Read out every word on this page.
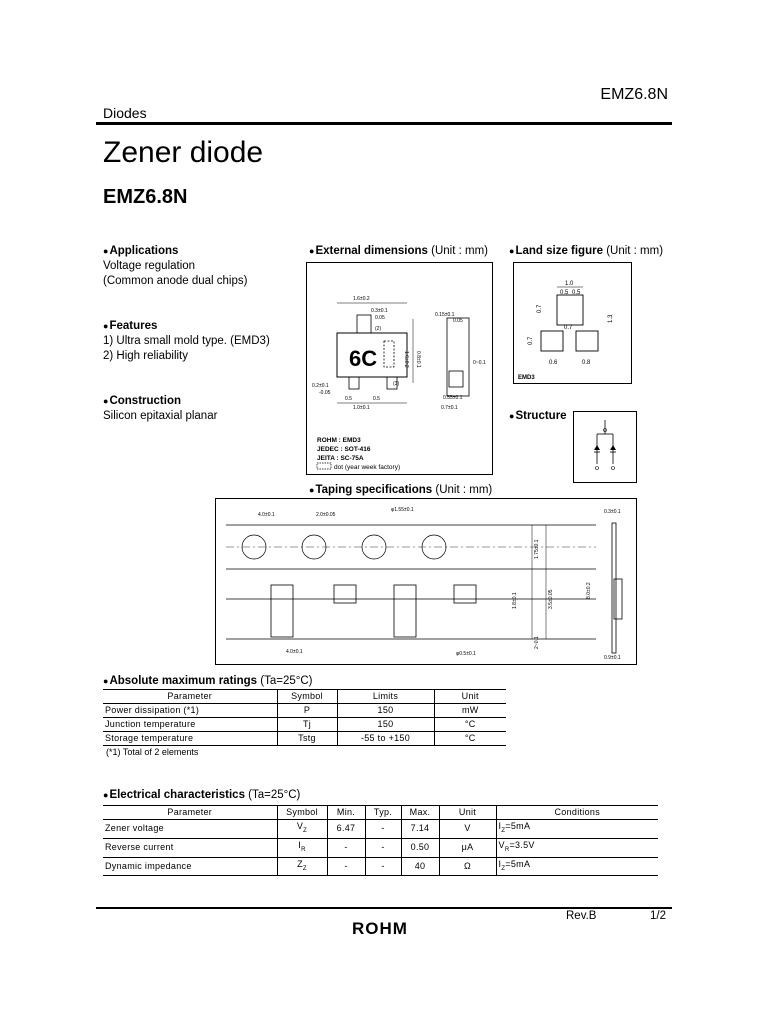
EMZ6.8N
Diodes
Zener diode
EMZ6.8N
●Applications
Voltage regulation
(Common anode dual chips)
●Features
1) Ultra small mold type. (EMD3)
2) High reliability
●Construction
Silicon epitaxial planar
●External dimensions (Unit : mm)
6C
1.6±0.2
0.3±0.1
0.05
(2)
1.6±0.2 0.8±0.1
0.2±0.1
-0.05
0.5	0.5
1.0±0.1
(3)
0.15±0.1
0.05
0~0.1
0.55±0.1
0.7±0.1
ROHM : EMD3
JEDEC : SOT-416
JEITA : SC-75A
dot (year week factory)
●Land size figure (Unit : mm)
1.0
0.5 0.5
0.7
1.3
0.7
0.7
0.6	0.8
EMD3
●Structure
●Taping specifications (Unit : mm)
4.0±0.1	2.0±0.05
φ1.55±0.1
1.75±0.1
3.5±0.05	8.0±0.2
4.0±0.1	φ0.5±0.1
0.3±0.1
0.9±0.1
2~0.1
1.8±0.1
●Absolute maximum ratings (Ta=25°C)
Parameter	Symbol	Limits	Unit
Power dissipation (*1)	P	150	mW
Junction temperature	Tj	150	°C
Storage temperature	Tstg	-55 to +150	°C
(*1) Total of 2 elements
●Electrical characteristics (Ta=25°C)
Parameter	Symbol	Min.	Typ.	Max.	Unit	Conditions
Zener voltage	$V_Z$	6.47	-	7.14	V	$I_Z=5mA$
Reverse current	$I_R$	-	-	0.50	μA	$V_R=3.5V$
Dynamic impedance	$Z_Z$	-	-	40	Ω	$I_Z=5mA$
Rev.B	1/2
ROHM
